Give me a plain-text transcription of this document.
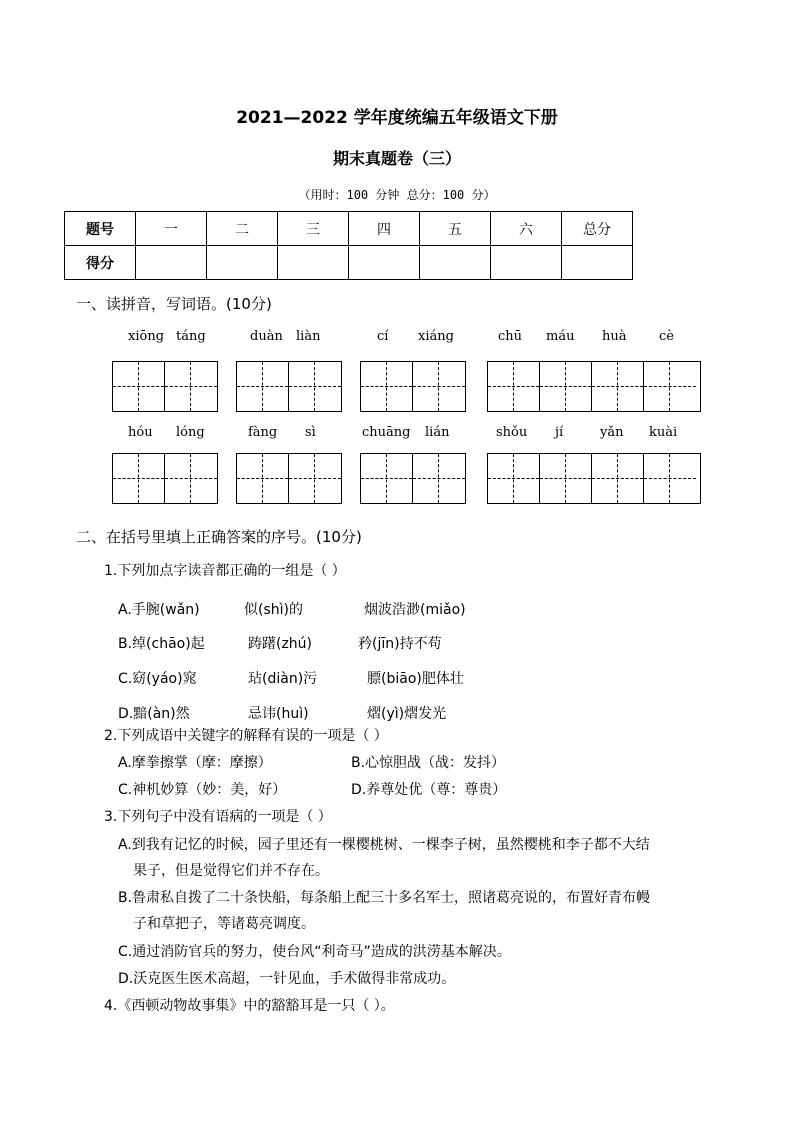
2021—2022 学年度统编五年级语文下册
期末真题卷（三）
（用时：100 分钟 总分：100 分）
题号	一	二	三	四	五	六	总分
得分							
一、读拼音，写词语。(10分)
xiōng táng	duàn liàn	cí xiáng	chū máu huà	cè
hóu lóng	fàng sì	chuāng lián	shǒu jí	yǎn kuài
二、在括号里填上正确答案的序号。(10分)
1.下列加点字读音都正确的一组是（ ）
A.手腕(wǎn)	似(shì)的	烟波浩渺(miǎo)
B.绰(chāo)起	踌躇(zhú)	矜(jīn)持不苟
C.窈(yáo)窕	玷(diàn)污	膘(biāo)肥体壮
D.黯(àn)然	忌讳(huì)	熠(yì)熠发光
2.下列成语中关键字的解释有误的一项是（ ）
A.摩拳擦掌（摩：摩擦）	B.心惊胆战（战：发抖）
C.神机妙算（妙：美，好）	D.养尊处优（尊：尊贵）
3.下列句子中没有语病的一项是（ ）
A.到我有记忆的时候，园子里还有一棵樱桃树、一棵李子树，虽然樱桃和李子都不大结
果子，但是觉得它们并不存在。
B.鲁肃私自拨了二十条快船，每条船上配三十多名军士，照诸葛亮说的，布置好青布幔
子和草把子，等诸葛亮调度。
C.通过消防官兵的努力，使台风“利奇马”造成的洪涝基本解决。
D.沃克医生医术高超，一针见血，手术做得非常成功。
4.《西顿动物故事集》中的豁豁耳是一只（ ）。
